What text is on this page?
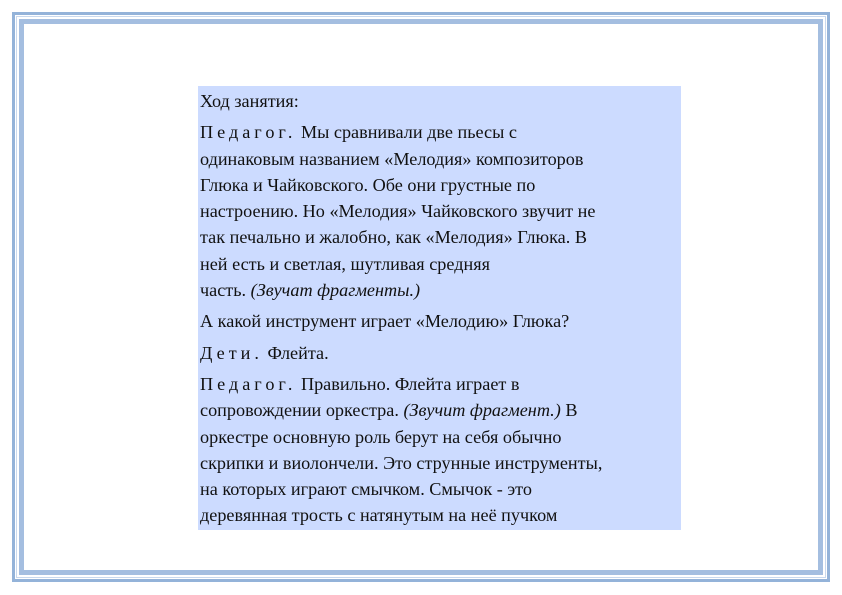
Ход занятия:

Педагог. Мы сравнивали две пьесы с
одинаковым названием «Мелодия» композиторов
Глюка и Чайковского. Обе они грустные по
настроению. Но «Мелодия» Чайковского звучит не
так печально и жалобно, как «Мелодия» Глюка. В
ней есть и светлая, шутливая средняя
часть. (Звучат фрагменты.)

А какой инструмент играет «Мелодию» Глюка?

Дети. Флейта.

Педагог. Правильно. Флейта играет в
сопровождении оркестра. (Звучит фрагмент.) В
оркестре основную роль берут на себя обычно
скрипки и виолончели. Это струнные инструменты,
на которых играют смычком. Смычок - это
деревянная трость с натянутым на неё пучком
